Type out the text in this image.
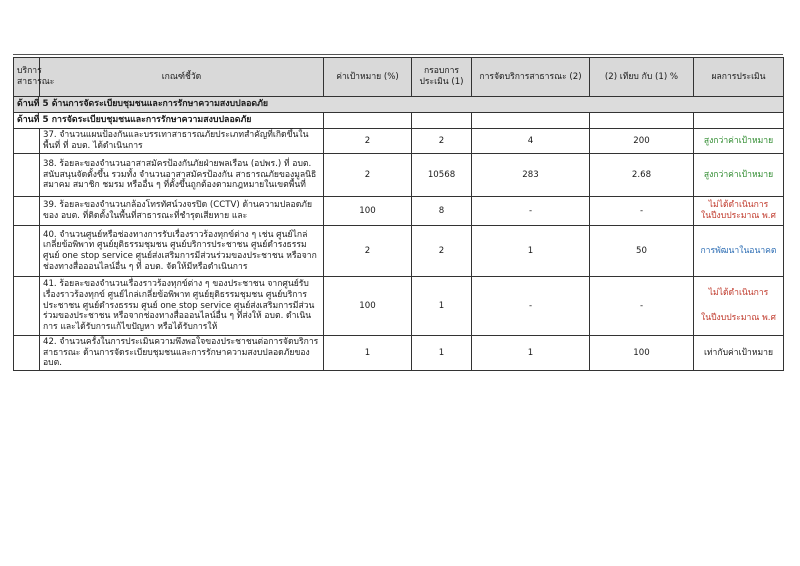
บริการสาธารณะ	เกณฑ์ชี้วัด	ค่าเป้าหมาย (%)	กรอบการประเมิน (1)	การจัดบริการสาธารณะ (2)	(2) เทียบ กับ (1) %	ผลการประเมิน
ด้านที่ 5 ด้านการจัดระเบียบชุมชนและการรักษาความสงบปลอดภัย						
ด้านที่ 5 การจัดระเบียบชุมชนและการรักษาความสงบปลอดภัย						
	37. จำนวนแผนป้องกันและบรรเทาสาธารณภัยประเภทสำคัญที่เกิดขึ้นในพื้นที่ ที่ อบต. ได้ดำเนินการ	2	2	4	200	สูงกว่าค่าเป้าหมาย
	38. ร้อยละของจำนวนอาสาสมัครป้องกันภัยฝ่ายพลเรือน (อปพร.) ที่ อบต. สนับสนุนจัดตั้งขึ้น รวมทั้ง จำนวนอาสาสมัครป้องกัน สาธารณภัยของมูลนิธิ สมาคม สมาชิก ชมรม หรืออื่น ๆ ที่ตั้งขึ้นถูกต้องตามกฎหมายในเขตพื้นที่	2	10568	283	2.68	สูงกว่าค่าเป้าหมาย
	39. ร้อยละของจำนวนกล้องโทรทัศน์วงจรปิด (CCTV) ด้านความปลอดภัยของ อบต. ที่ติดตั้งในพื้นที่สาธารณะที่ชำรุดเสียหาย และ	100	8	-	-	ไม่ได้ดำเนินการ
ในปีงบประมาณ พ.ศ

	40. จำนวนศูนย์หรือช่องทางการรับเรื่องราวร้องทุกข์ต่าง ๆ เช่น ศูนย์ไกล่เกลี่ยข้อพิพาท ศูนย์ยุติธรรมชุมชน ศูนย์บริการประชาชน ศูนย์ดำรงธรรม ศูนย์ one stop service ศูนย์ส่งเสริมการมีส่วนร่วมของประชาชน หรือจากช่องทางสื่อออนไลน์อื่น ๆ ที่ อบต. จัดให้มีหรือดำเนินการ	2	2	1	50	การพัฒนาในอนาคต
	41. ร้อยละของจำนวนเรื่องราวร้องทุกข์ต่าง ๆ ของประชาชน จากศูนย์รับเรื่องราวร้องทุกข์ ศูนย์ไกล่เกลี่ยข้อพิพาท ศูนย์ยุติธรรมชุมชน ศูนย์บริการประชาชน ศูนย์ดำรงธรรม ศูนย์ one stop service ศูนย์ส่งเสริมการมีส่วนร่วมของประชาชน หรือจากช่องทางสื่อออนไลน์อื่น ๆ ที่ส่งให้ อบต. ดำเนินการ และได้รับการแก้ไขปัญหา หรือได้รับการให้	100	1	-	-	ไม่ได้ดำเนินการ
ในปีงบประมาณ พ.ศ

	42. จำนวนครั้งในการประเมินความพึงพอใจของประชาชนต่อการจัดบริการสาธารณะ ด้านการจัดระเบียบชุมชนและการรักษาความสงบปลอดภัยของ อบต.	1	1	1	100	เท่ากับค่าเป้าหมาย
